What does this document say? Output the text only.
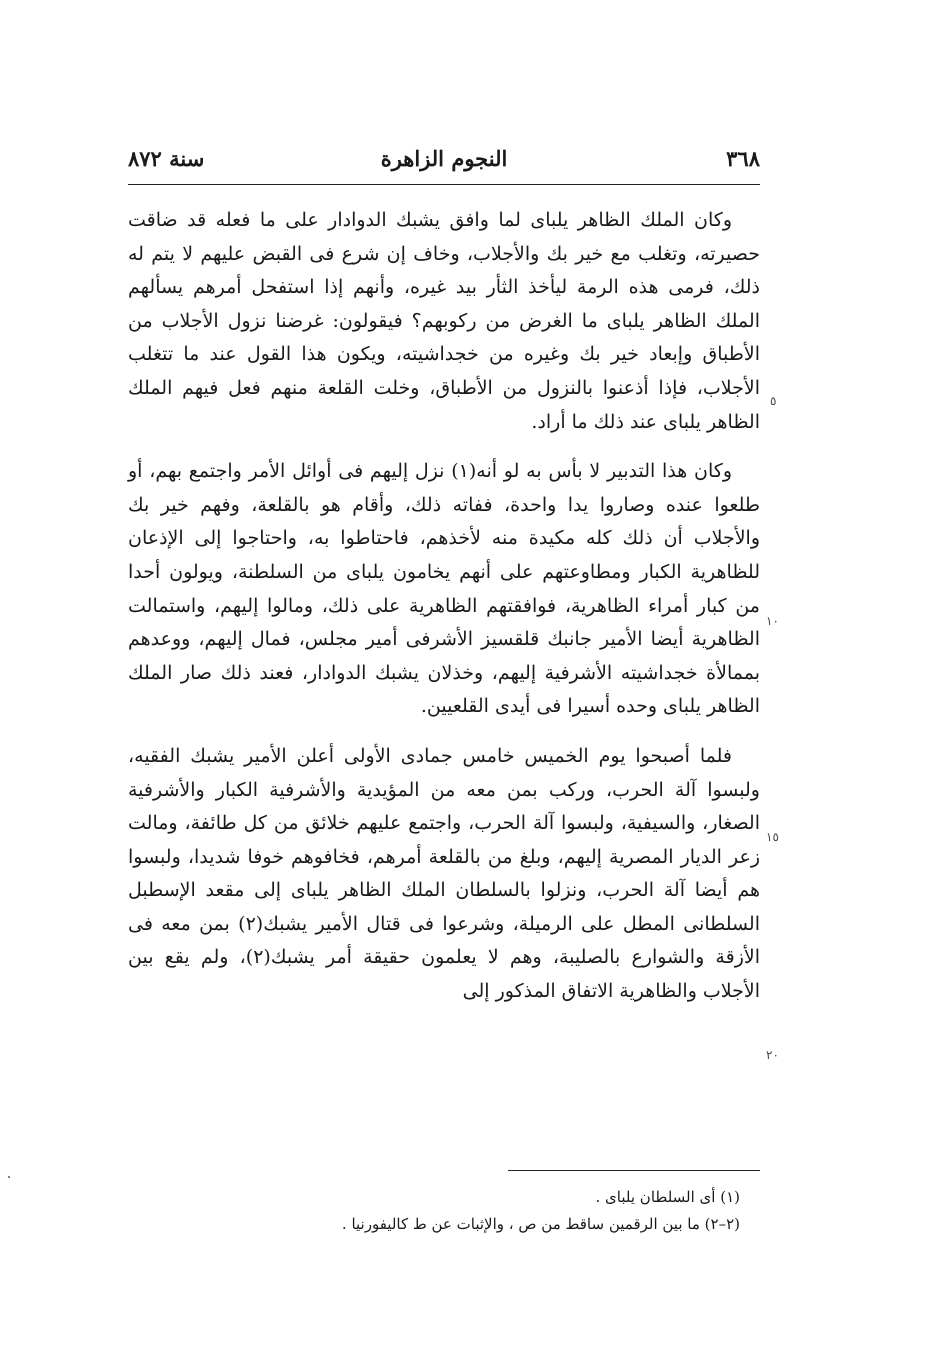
٣٦٨
النجوم الزاهرة
سنة ٨٧٢

وكان الملك الظاهر يلباى لما وافق يشبك الدوادار على ما فعله قد ضاقت حصيرته، وتغلب مع خير بك والأجلاب، وخاف إن شرع فى القبض عليهم لا يتم له ذلك، فرمى هذه الرمة ليأخذ الثأر بيد غيره، وأنهم إذا استفحل أمرهم يسألهم الملك الظاهر يلباى ما الغرض من ركوبهم؟ فيقولون: غرضنا نزول الأجلاب من الأطباق وإبعاد خير بك وغيره من خجداشيته، ويكون هذا القول عند ما تتغلب الأجلاب، فإذا أذعنوا بالنزول من الأطباق، وخلت القلعة منهم فعل فيهم الملك الظاهر يلباى عند ذلك ما أراد.

وكان هذا التدبير لا بأس به لو أنه(١) نزل إليهم فى أوائل الأمر واجتمع بهم، أو طلعوا عنده وصاروا يدا واحدة، ففاته ذلك، وأقام هو بالقلعة، وفهم خير بك والأجلاب أن ذلك كله مكيدة منه لأخذهم، فاحتاطوا به، واحتاجوا إلى الإذعان للظاهرية الكبار ومطاوعتهم على أنهم يخامون يلباى من السلطنة، ويولون أحدا من كبار أمراء الظاهرية، فوافقتهم الظاهرية على ذلك، ومالوا إليهم، واستمالت الظاهرية أيضا الأمير جانبك قلقسيز الأشرفى أمير مجلس، فمال إليهم، ووعدهم بممالأة خجداشيته الأشرفية إليهم، وخذلان يشبك الدوادار، فعند ذلك صار الملك الظاهر يلباى وحده أسيرا فى أيدى القلعيين.

فلما أصبحوا يوم الخميس خامس جمادى الأولى أعلن الأمير يشبك الفقيه، ولبسوا آلة الحرب، وركب بمن معه من المؤيدية والأشرفية الكبار والأشرفية الصغار، والسيفية، ولبسوا آلة الحرب، واجتمع عليهم خلائق من كل طائفة، ومالت زعر الديار المصرية إليهم، وبلغ من بالقلعة أمرهم، فخافوهم خوفا شديدا، ولبسوا هم أيضا آلة الحرب، ونزلوا بالسلطان الملك الظاهر يلباى إلى مقعد الإسطبل السلطانى المطل على الرميلة، وشرعوا فى قتال الأمير يشبك(٢) بمن معه فى الأزقة والشوارع بالصليبة، وهم لا يعلمون حقيقة أمر يشبك(٢)، ولم يقع بين الأجلاب والظاهرية الاتفاق المذكور إلى

٥
١٠
١٥
٢٠
(١) أى السلطان يلباى .
(٢–٢) ما بين الرقمين ساقط من ص ، والإثبات عن ط كاليفورنيا .
